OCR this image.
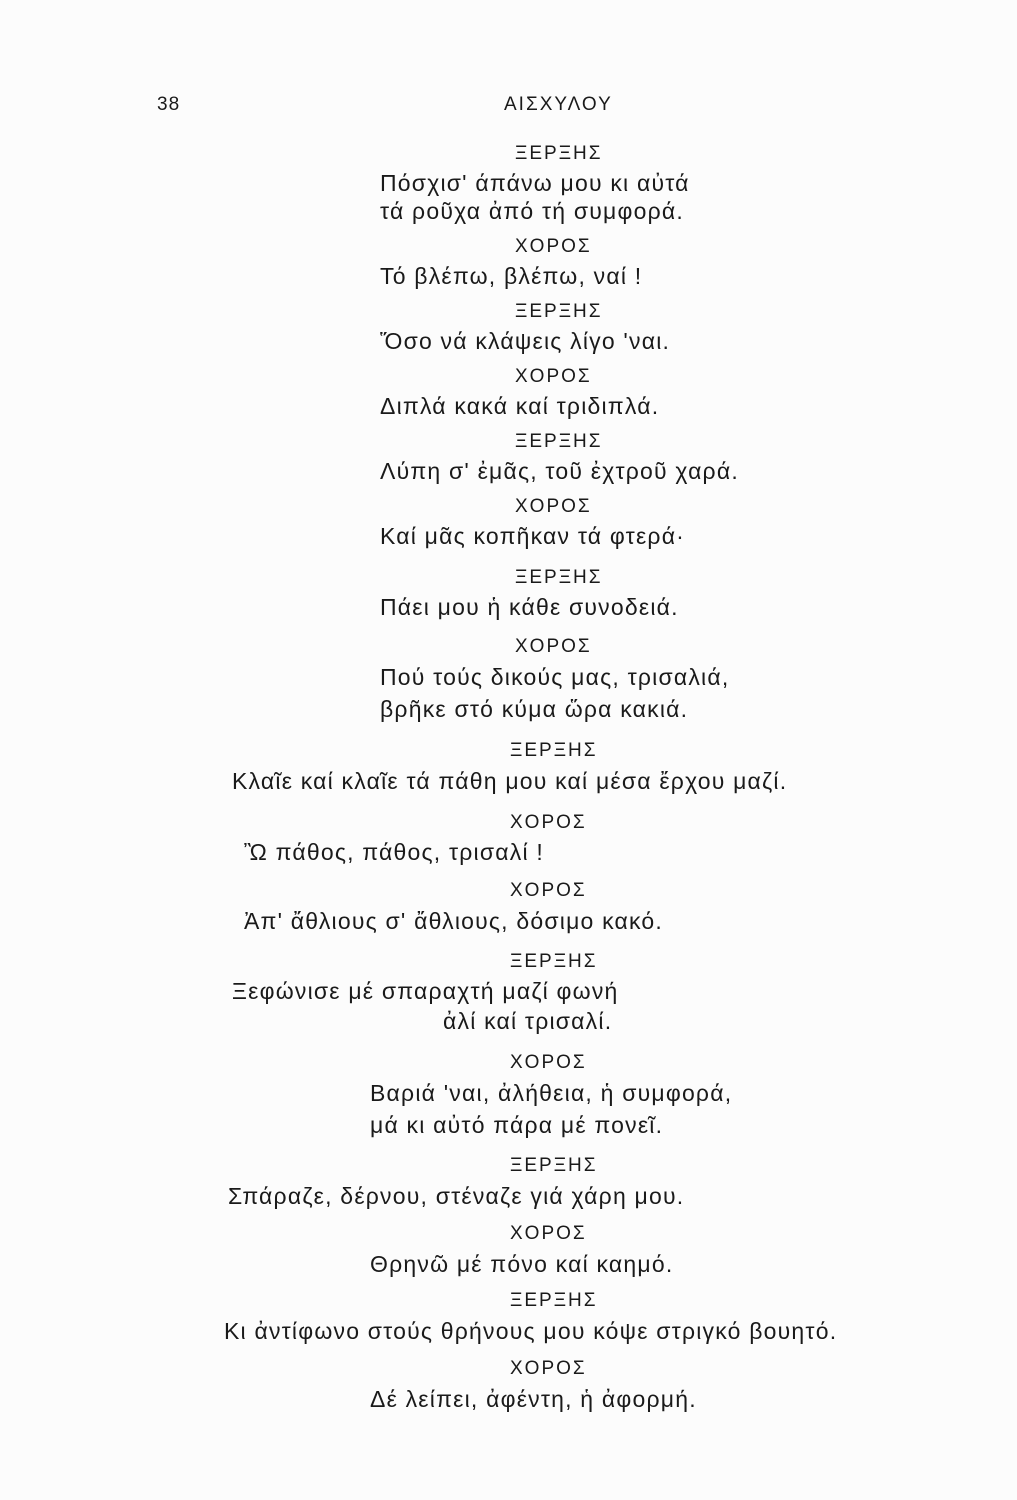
38	ΑΙΣΧΥΛΟΥ
ΞΕΡΞΗΣ
Πόσχισ' άπάνω μου κι αὐτά
τά ροῦχα ἀπό τή συμφορά.
ΧΟΡΟΣ
Τό βλέπω, βλέπω, ναί !
ΞΕΡΞΗΣ
Ὅσο νά κλάψεις λίγο 'ναι.
ΧΟΡΟΣ
Διπλά κακά καί τριδιπλά.
ΞΕΡΞΗΣ
Λύπη σ' ἐμᾶς, τοῦ ἐχτροῦ χαρά.
ΧΟΡΟΣ
Καί μᾶς κοπῆκαν τά φτερά·
ΞΕΡΞΗΣ
Πάει μου ἡ κάθε συνοδειά.
ΧΟΡΟΣ
Πού τούς δικούς μας, τρισαλιά,
βρῆκε στό κύμα ὥρα κακιά.
ΞΕΡΞΗΣ
Κλαῖε καί κλαῖε τά πάθη μου καί μέσα ἔρχου μαζί.
ΧΟΡΟΣ
Ὢ πάθος, πάθος, τρισαλί !
ΧΟΡΟΣ
Ἀπ' ἄθλιους σ' ἄθλιους, δόσιμο κακό.
ΞΕΡΞΗΣ
Ξεφώνισε μέ σπαραχτή μαζί φωνή
ἀλί καί τρισαλί.
ΧΟΡΟΣ
Βαριά 'ναι, ἀλήθεια, ἡ συμφορά,
μά κι αὐτό πάρα μέ πονεῖ.
ΞΕΡΞΗΣ
Σπάραζε, δέρνου, στέναζε γιά χάρη μου.
ΧΟΡΟΣ
Θρηνῶ μέ πόνο καί καημό.
ΞΕΡΞΗΣ
Κι ἀντίφωνο στούς θρήνους μου κόψε στριγκό βουητό.
ΧΟΡΟΣ
Δέ λείπει, ἀφέντη, ἡ ἀφορμή.
